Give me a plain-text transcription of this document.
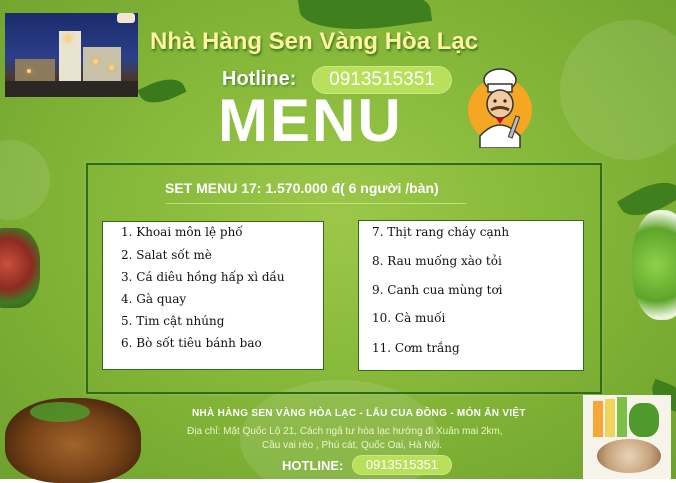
Nhà Hàng Sen Vàng Hòa Lạc
Hotline:	0913515351
MENU
SET MENU 17: 1.570.000 đ( 6 người /bàn)
1. Khoai môn lệ phố
2. Salat sốt mè
3. Cá diêu hồng hấp xì dầu
4. Gà quay
5. Tim cật nhúng
6. Bò sốt tiêu bánh bao
7. Thịt rang cháy cạnh
8. Rau muống xào tỏi
9. Canh cua mùng tơi
10. Cà muối
11. Cơm trắng
NHÀ HÀNG SEN VÀNG HÒA LẠC - LẨU CUA ĐỒNG - MÓN ĂN VIỆT
Địa chỉ: Mặt Quốc Lộ 21, Cách ngã tư hòa lạc hướng đi Xuân mai 2km,
Cầu vai rèo , Phú cát, Quốc Oai, Hà Nội.
HOTLINE:	0913515351
